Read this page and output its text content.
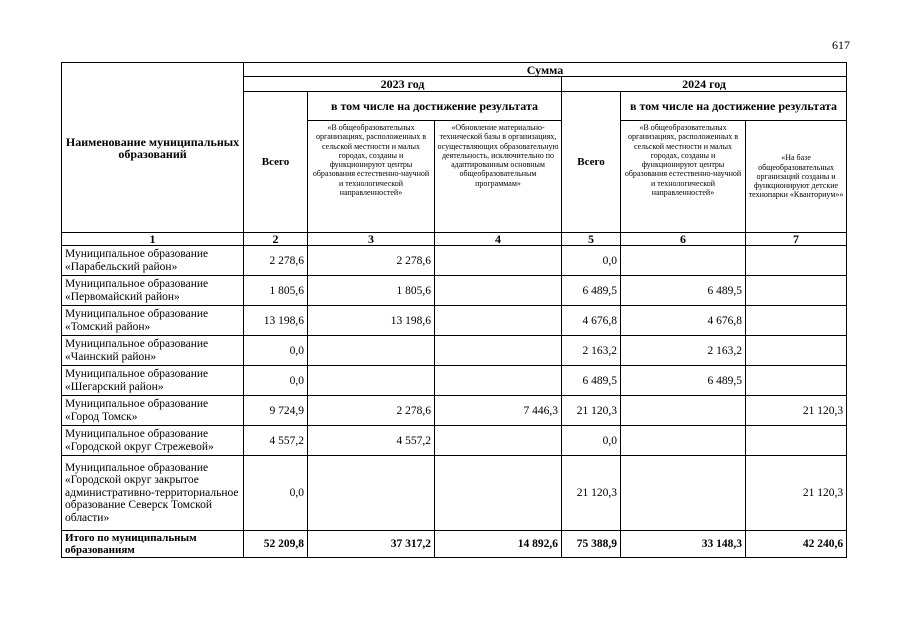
617
Наименование муниципальных образований	Сумма					
	2023 год			2024 год		
	Всего	в том числе на достижение результата		Всего	в том числе на достижение результата	
		«В общеобразовательных организациях, расположенных в сельской местности и малых городах, созданы и функционируют центры образования естественно-научной и технологической направленностей»	«Обновление материально-технической базы в организациях, осуществляющих образовательную деятельность, исключительно по адаптированным основным общеобразовательным программам»		«В общеобразовательных организациях, расположенных в сельской местности и малых городах, созданы и функционируют центры образования естественно-научной и технологической направленностей»	«На базе общеобразовательных организаций созданы и функционируют детские технопарки «Кванториум»»
1	2	3	4	5	6	7
Муниципальное образование «Парабельский район»	2 278,6	2 278,6		0,0		
Муниципальное образование «Первомайский район»	1 805,6	1 805,6		6 489,5	6 489,5	
Муниципальное образование «Томский район»	13 198,6	13 198,6		4 676,8	4 676,8	
Муниципальное образование «Чаинский район»	0,0			2 163,2	2 163,2	
Муниципальное образование «Шегарский район»	0,0			6 489,5	6 489,5	
Муниципальное образование «Город Томск»	9 724,9	2 278,6	7 446,3	21 120,3		21 120,3
Муниципальное образование «Городской округ Стрежевой»	4 557,2	4 557,2		0,0		
Муниципальное образование «Городской округ закрытое административно-территориальное образование Северск Томской области»	0,0			21 120,3		21 120,3
Итого по муниципальным образованиям	52 209,8	37 317,2	14 892,6	75 388,9	33 148,3	42 240,6
